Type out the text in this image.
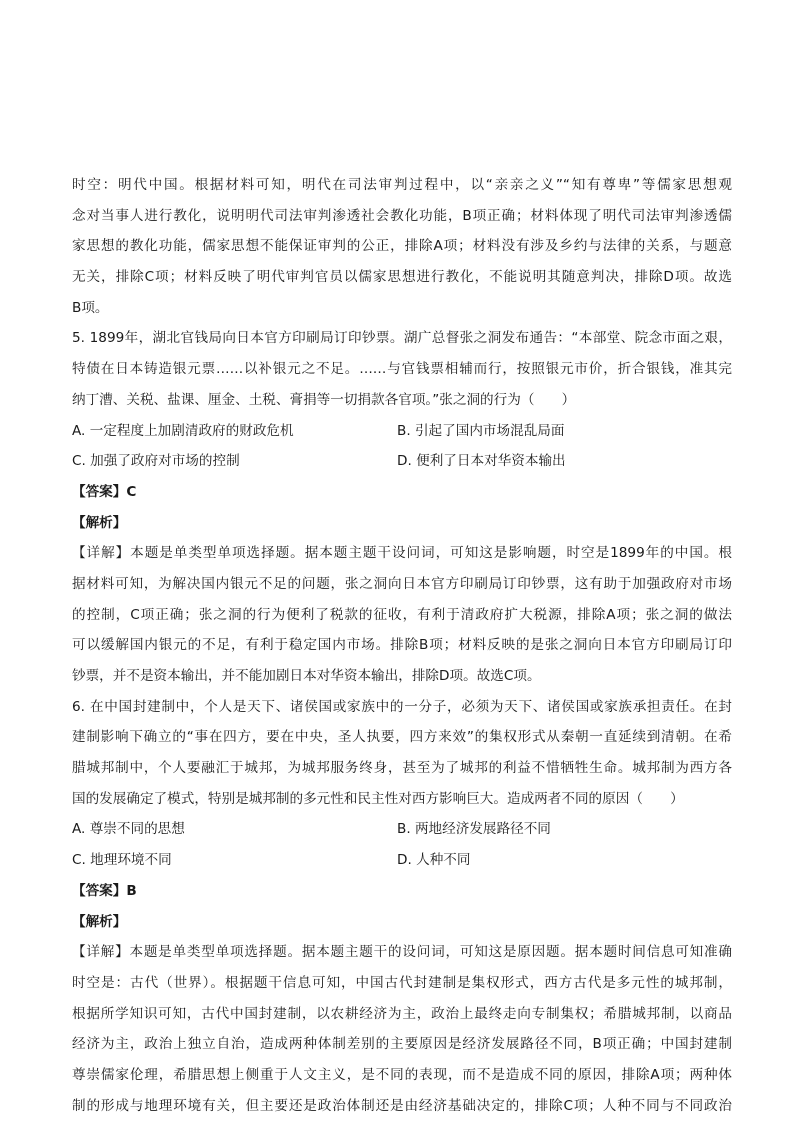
时空：明代中国。根据材料可知，明代在司法审判过程中，以“亲亲之义”“知有尊卑”等儒家思想观
念对当事人进行教化，说明明代司法审判渗透社会教化功能，B项正确；材料体现了明代司法审判渗透儒
家思想的教化功能，儒家思想不能保证审判的公正，排除A项；材料没有涉及乡约与法律的关系，与题意
无关，排除C项；材料反映了明代审判官员以儒家思想进行教化，不能说明其随意判决，排除D项。故选
B项。
5. 1899年，湖北官钱局向日本官方印刷局订印钞票。湖广总督张之洞发布通告：“本部堂、院念市面之艰，
特债在日本铸造银元票……以补银元之不足。……与官钱票相辅而行，按照银元市价，折合银钱，准其完
纳丁漕、关税、盐课、厘金、土税、膏捐等一切捐款各官项。”张之洞的行为（　　）
A. 一定程度上加剧清政府的财政危机	B. 引起了国内市场混乱局面
C. 加强了政府对市场的控制	D. 便利了日本对华资本输出
【答案】C
【解析】
【详解】本题是单类型单项选择题。据本题主题干设问词，可知这是影响题，时空是1899年的中国。根
据材料可知，为解决国内银元不足的问题，张之洞向日本官方印刷局订印钞票，这有助于加强政府对市场
的控制，C项正确；张之洞的行为便利了税款的征收，有利于清政府扩大税源，排除A项；张之洞的做法
可以缓解国内银元的不足，有利于稳定国内市场。排除B项；材料反映的是张之洞向日本官方印刷局订印
钞票，并不是资本输出，并不能加剧日本对华资本输出，排除D项。故选C项。
6. 在中国封建制中，个人是天下、诸侯国或家族中的一分子，必须为天下、诸侯国或家族承担责任。在封
建制影响下确立的“事在四方，要在中央，圣人执要，四方来效”的集权形式从秦朝一直延续到清朝。在希
腊城邦制中，个人要融汇于城邦，为城邦服务终身，甚至为了城邦的利益不惜牺牲生命。城邦制为西方各
国的发展确定了模式，特别是城邦制的多元性和民主性对西方影响巨大。造成两者不同的原因（　　）
A. 尊崇不同的思想	B. 两地经济发展路径不同
C. 地理环境不同	D. 人种不同
【答案】B
【解析】
【详解】本题是单类型单项选择题。据本题主题干的设问词，可知这是原因题。据本题时间信息可知准确
时空是：古代（世界）。根据题干信息可知，中国古代封建制是集权形式，西方古代是多元性的城邦制，
根据所学知识可知，古代中国封建制，以农耕经济为主，政治上最终走向专制集权；希腊城邦制，以商品
经济为主，政治上独立自治，造成两种体制差别的主要原因是经济发展路径不同，B项正确；中国封建制
尊崇儒家伦理，希腊思想上侧重于人文主义，是不同的表现，而不是造成不同的原因，排除A项；两种体
制的形成与地理环境有关，但主要还是政治体制还是由经济基础决定的，排除C项；人种不同与不同政治
